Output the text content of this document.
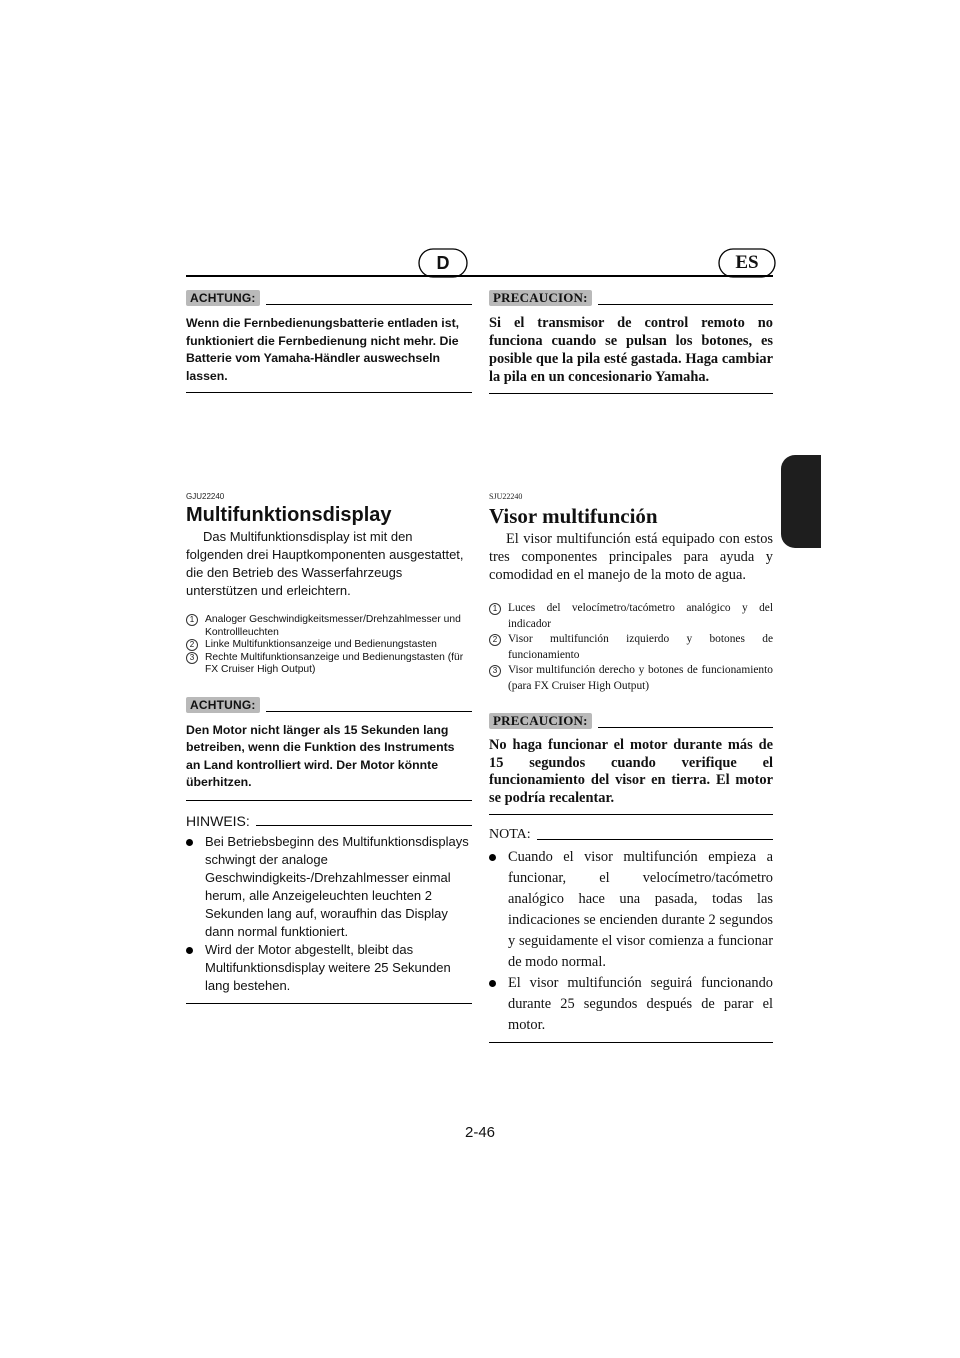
D	ES
ACHTUNG:

Wenn die Fernbedienungsbatterie entladen ist, funktioniert die Fernbedienung nicht mehr. Die Batterie vom Yamaha-Händler auswechseln lassen.

PRECAUCION:

Si el transmisor de control remoto no funciona cuando se pulsan los botones, es posible que la pila esté gastada. Haga cambiar la pila en un concesionario Yamaha.

GJU22240
Multifunktionsdisplay

Das Multifunktionsdisplay ist mit den folgenden drei Hauptkomponenten ausgestattet, die den Betrieb des Wasserfahrzeugs unterstützen und erleichtern.

1	Analoger Geschwindigkeitsmesser/Drehzahlmesser und Kontrollleuchten
2	Linke Multifunktionsanzeige und Bedienungstasten
3	Rechte Multifunktionsanzeige und Bedienungstasten (für FX Cruiser High Output)
ACHTUNG:

Den Motor nicht länger als 15 Sekunden lang betreiben, wenn die Funktion des Instruments an Land kontrolliert wird. Der Motor könnte überhitzen.

HINWEIS:
Bei Betriebsbeginn des Multifunktionsdisplays schwingt der analoge Geschwindigkeits-/Drehzahlmesser einmal herum, alle Anzeigeleuchten leuchten 2 Sekunden lang auf, woraufhin das Display dann normal funktioniert.
Wird der Motor abgestellt, bleibt das Multifunktionsdisplay weitere 25 Sekunden lang bestehen.
SJU22240
Visor multifunción

El visor multifunción está equipado con estos tres componentes principales para ayuda y comodidad en el manejo de la moto de agua.

1 Luces del velocímetro/tacómetro analógico y del indicador
2 Visor multifunción izquierdo y botones de funcionamiento
3 Visor multifunción derecho y botones de funcionamiento (para FX Cruiser High Output)
PRECAUCION:

No haga funcionar el motor durante más de 15 segundos cuando verifique el funcionamiento del visor en tierra. El motor se podría recalentar.

NOTA:
Cuando el visor multifunción empieza a funcionar, el velocímetro/tacómetro analógico hace una pasada, todas las indicaciones se encienden durante 2 segundos y seguidamente el visor comienza a funcionar de modo normal.
El visor multifunción seguirá funcionando durante 25 segundos después de parar el motor.
2-46
